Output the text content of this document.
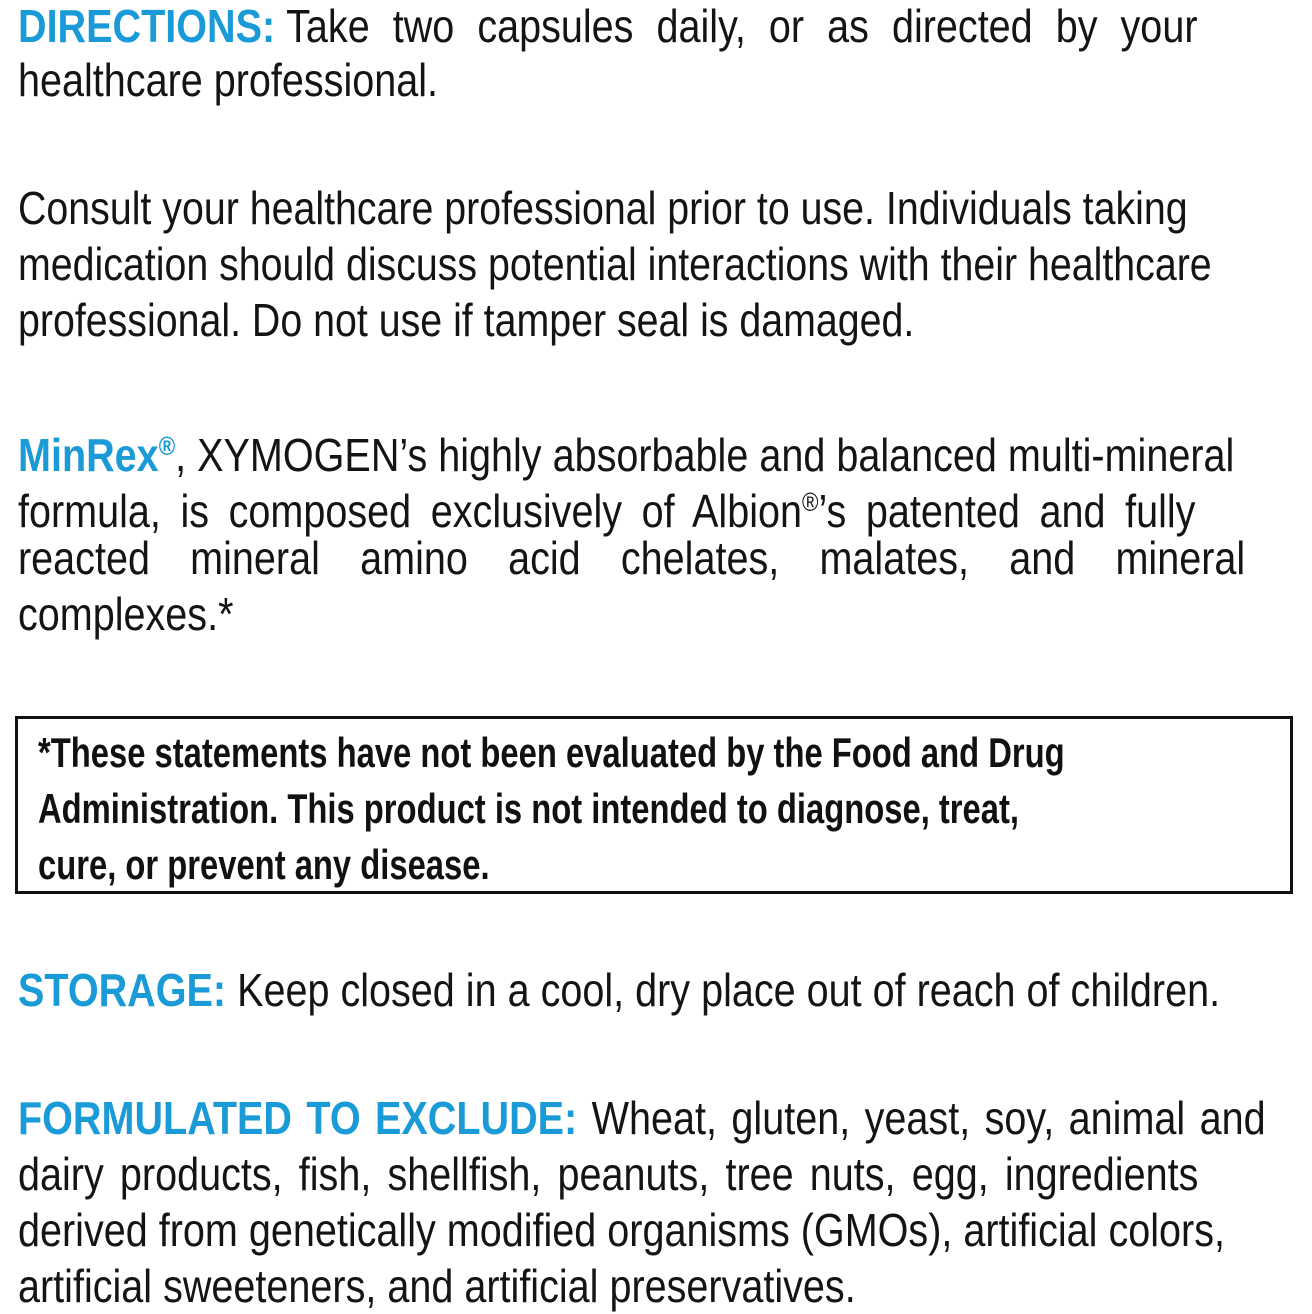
DIRECTIONS: Take two capsules daily, or as directed by your
healthcare professional.
Consult your healthcare professional prior to use. Individuals taking
medication should discuss potential interactions with their healthcare
professional. Do not use if tamper seal is damaged.
MinRex®, XYMOGEN’s highly absorbable and balanced multi-mineral
formula, is composed exclusively of Albion®’s patented and fully
reacted mineral amino acid chelates, malates, and mineral
complexes.*
*These statements have not been evaluated by the Food and Drug
Administration. This product is not intended to diagnose, treat,
cure, or prevent any disease.
STORAGE: Keep closed in a cool, dry place out of reach of children.
FORMULATED TO EXCLUDE: Wheat, gluten, yeast, soy, animal and
dairy products, fish, shellfish, peanuts, tree nuts, egg, ingredients
derived from genetically modified organisms (GMOs), artificial colors,
artificial sweeteners, and artificial preservatives.
